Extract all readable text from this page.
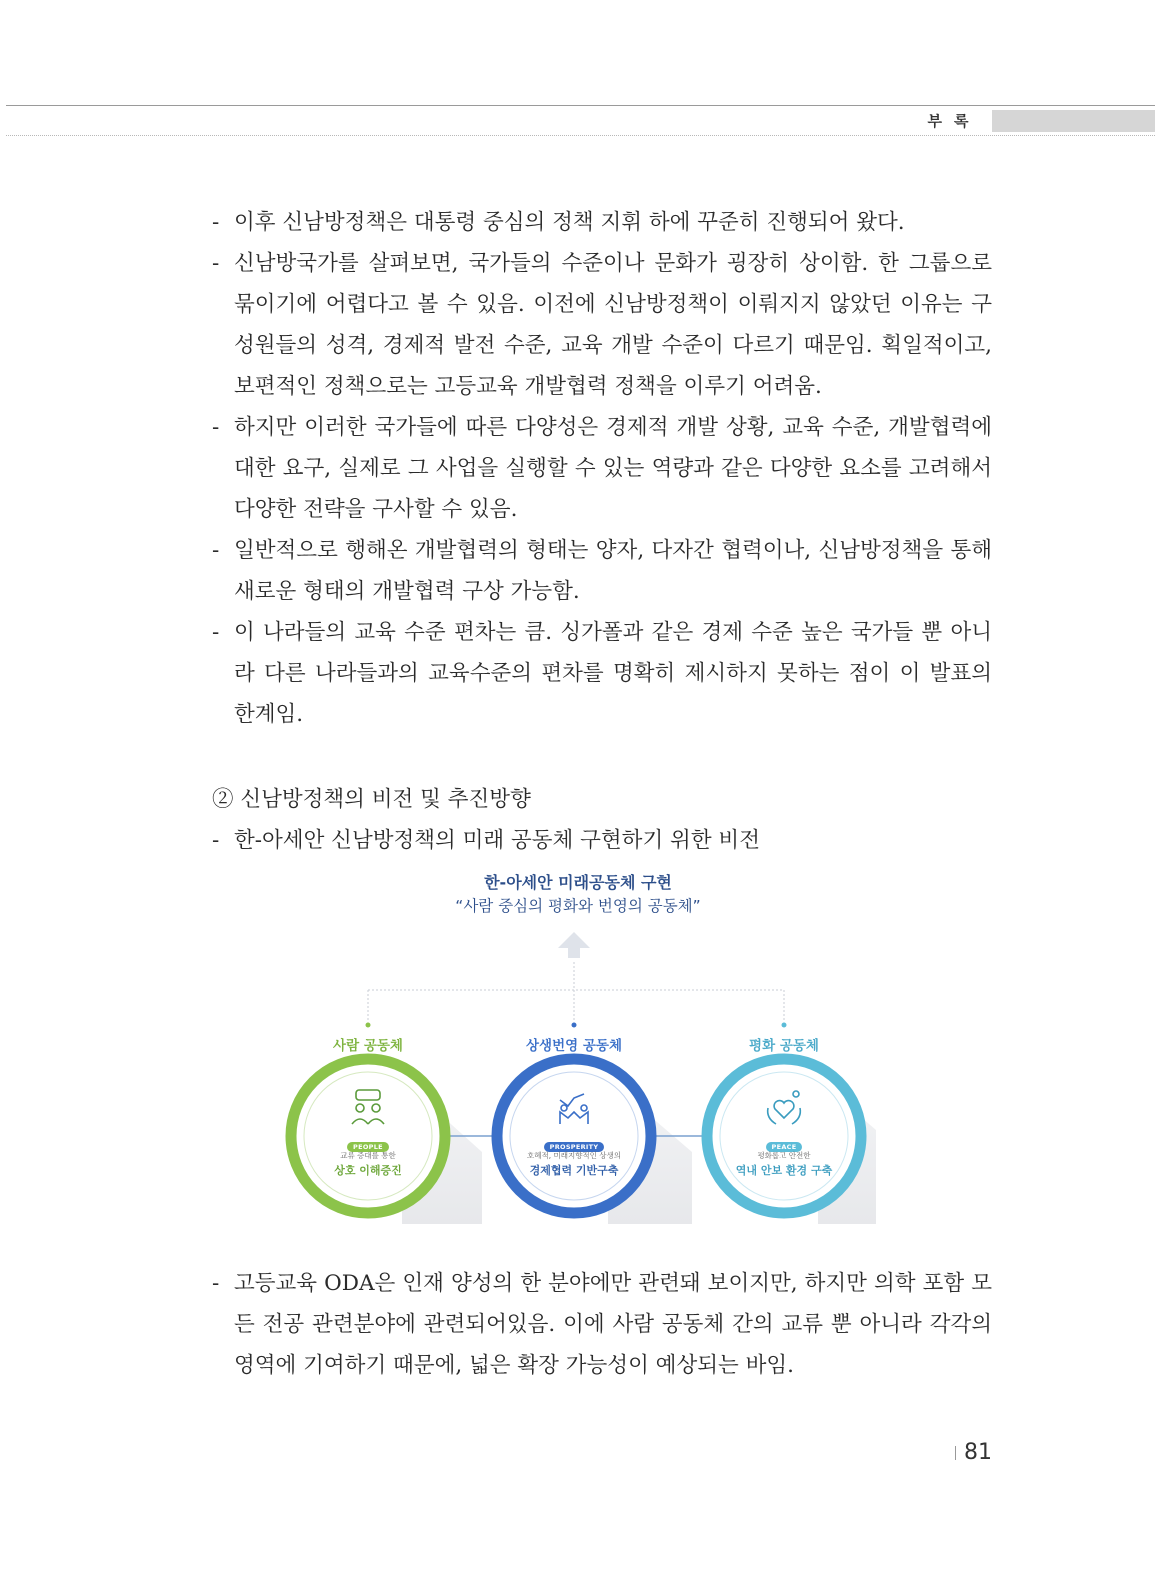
부록
- 이후 신남방정책은 대통령 중심의 정책 지휘 하에 꾸준히 진행되어 왔다.
- 신남방국가를 살펴보면, 국가들의 수준이나 문화가 굉장히 상이함. 한 그룹으로 묶이기에 어렵다고 볼 수 있음. 이전에 신남방정책이 이뤄지지 않았던 이유는 구성원들의 성격, 경제적 발전 수준, 교육 개발 수준이 다르기 때문임. 획일적이고, 보편적인 정책으로는 고등교육 개발협력 정책을 이루기 어려움.
- 하지만 이러한 국가들에 따른 다양성은 경제적 개발 상황, 교육 수준, 개발협력에 대한 요구, 실제로 그 사업을 실행할 수 있는 역량과 같은 다양한 요소를 고려해서 다양한 전략을 구사할 수 있음.
- 일반적으로 행해온 개발협력의 형태는 양자, 다자간 협력이나, 신남방정책을 통해 새로운 형태의 개발협력 구상 가능함.
- 이 나라들의 교육 수준 편차는 큼. 싱가폴과 같은 경제 수준 높은 국가들 뿐 아니라 다른 나라들과의 교육수준의 편차를 명확히 제시하지 못하는 점이 이 발표의 한계임.
② 신남방정책의 비전 및 추진방향
- 한-아세안 신남방정책의 미래 공동체 구현하기 위한 비전
한-아세안 미래공동체 구현
“사람 중심의 평화와 번영의 공동체”
사람 공동체	상생번영 공동체	평화 공동체
PEOPLE	PROSPERITY	PEACE
교류 증대를 통한	호혜적, 미래지향적인 상생의	평화롭고 안전한
상호 이해증진	경제협력 기반구축	역내 안보 환경 구축
- 고등교육 ODA은 인재 양성의 한 분야에만 관련돼 보이지만, 하지만 의학 포함 모든 전공 관련분야에 관련되어있음. 이에 사람 공동체 간의 교류 뿐 아니라 각각의 영역에 기여하기 때문에, 넓은 확장 가능성이 예상되는 바임.
81
